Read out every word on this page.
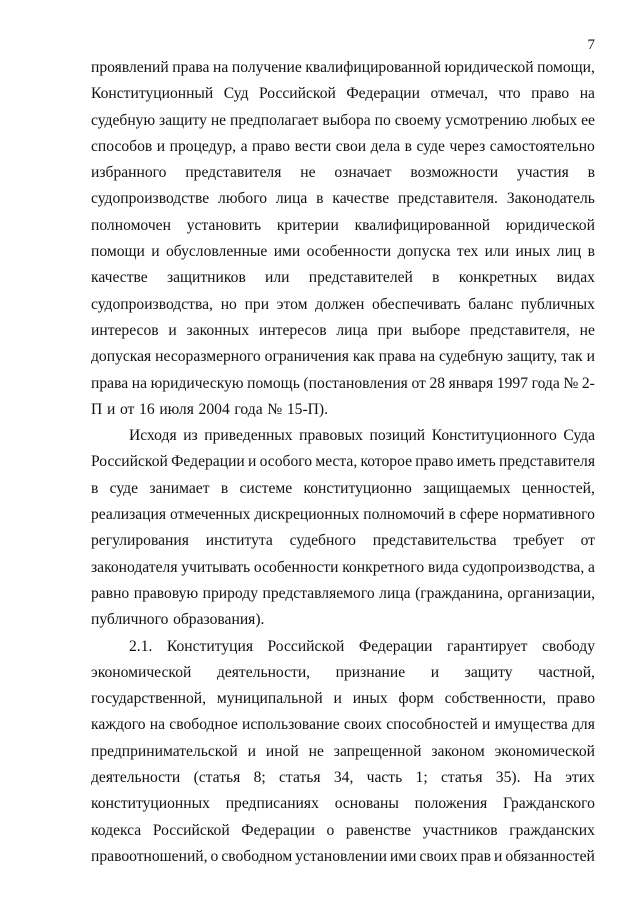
7
проявлений права на получение квалифицированной юридической помощи,
Конституционный Суд Российской Федерации отмечал, что право на
судебную защиту не предполагает выбора по своему усмотрению любых ее
способов и процедур, а право вести свои дела в суде через самостоятельно
избранного представителя не означает возможности участия в
судопроизводстве любого лица в качестве представителя. Законодатель
полномочен установить критерии квалифицированной юридической
помощи и обусловленные ими особенности допуска тех или иных лиц в
качестве защитников или представителей в конкретных видах
судопроизводства, но при этом должен обеспечивать баланс публичных
интересов и законных интересов лица при выборе представителя, не
допуская несоразмерного ограничения как права на судебную защиту, так и
права на юридическую помощь (постановления от 28 января 1997 года № 2-
П и от 16 июля 2004 года № 15-П).
Исходя из приведенных правовых позиций Конституционного Суда
Российской Федерации и особого места, которое право иметь представителя
в суде занимает в системе конституционно защищаемых ценностей,
реализация отмеченных дискреционных полномочий в сфере нормативного
регулирования института судебного представительства требует от
законодателя учитывать особенности конкретного вида судопроизводства, а
равно правовую природу представляемого лица (гражданина, организации,
публичного образования).
2.1. Конституция Российской Федерации гарантирует свободу
экономической деятельности, признание и защиту частной,
государственной, муниципальной и иных форм собственности, право
каждого на свободное использование своих способностей и имущества для
предпринимательской и иной не запрещенной законом экономической
деятельности (статья 8; статья 34, часть 1; статья 35). На этих
конституционных предписаниях основаны положения Гражданского
кодекса Российской Федерации о равенстве участников гражданских
правоотношений, о свободном установлении ими своих прав и обязанностей
